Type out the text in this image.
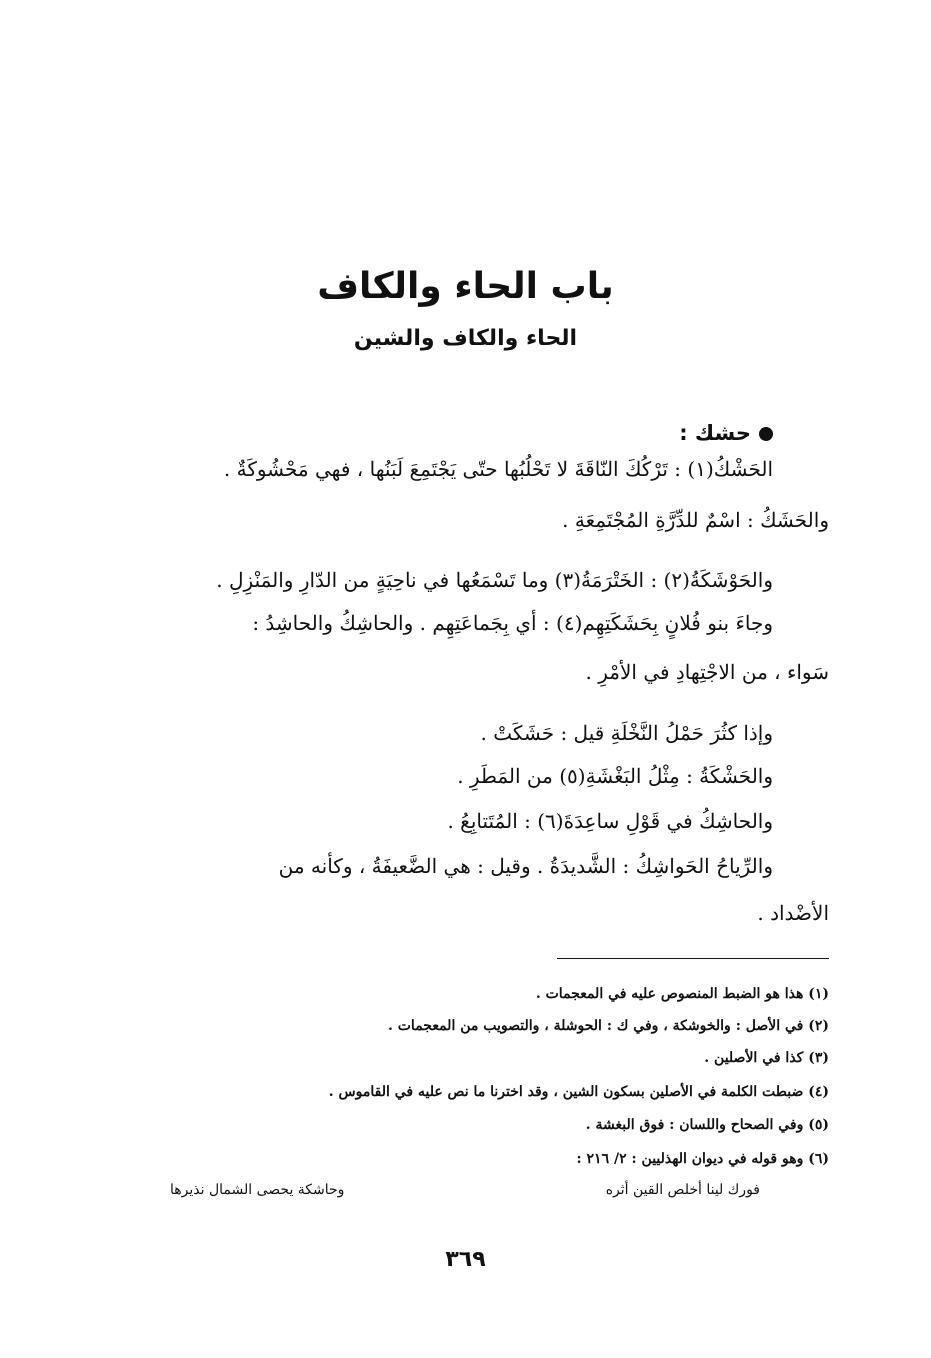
باب الحاء والكاف
الحاء والكاف والشين
حشك :
الحَشْكُ(١) : تَرْكُكَ النّاقَةَ لا تَحْلُبُها حتّى يَجْتَمِعَ لَبَنُها ، فهي مَحْشُوكَةٌ .
والحَشَكُ : اسْمٌ للدِّرَّةِ المُجْتَمِعَةِ .
والحَوْشَكَةُ(٢) : الخَتْرَمَةُ(٣) وما تَسْمَعُها في ناحِيَةٍ من الدّارِ والمَنْزِلِ .
وجاءَ بنو فُلانٍ بِحَشَكَتِهِم(٤) : أي بِجَماعَتِهِم . والحاشِكُ والحاشِدُ :
سَواء ، من الاجْتِهادِ في الأمْرِ .
وإذا كثُرَ حَمْلُ النَّخْلَةِ قيل : حَشَكَتْ .
والحَشْكَةُ : مِثْلُ البَغْشَةِ(٥) من المَطَرِ .
والحاشِكُ في قَوْلِ ساعِدَةَ(٦) : المُتَتابِعُ .
والرِّياحُ الحَواشِكُ : الشَّديدَةُ . وقيل : هي الضَّعيفَةُ ، وكأنه من
الأضْداد .
(١) هذا هو الضبط المنصوص عليه في المعجمات .
(٢) في الأصل : والخوشكة ، وفي ك : الحوشلة ، والتصويب من المعجمات .
(٣) كذا في الأصلين .
(٤) ضبطت الكلمة في الأصلين بسكون الشين ، وقد اخترنا ما نص عليه في القاموس .
(٥) وفي الصحاح واللسان : فوق البغشة .
(٦) وهو قوله في ديوان الهذليين : ٢/ ٢١٦ :
فورك لينا أخلص القين أثره
وحاشكة يحصى الشمال نذيرها
٣٦٩
